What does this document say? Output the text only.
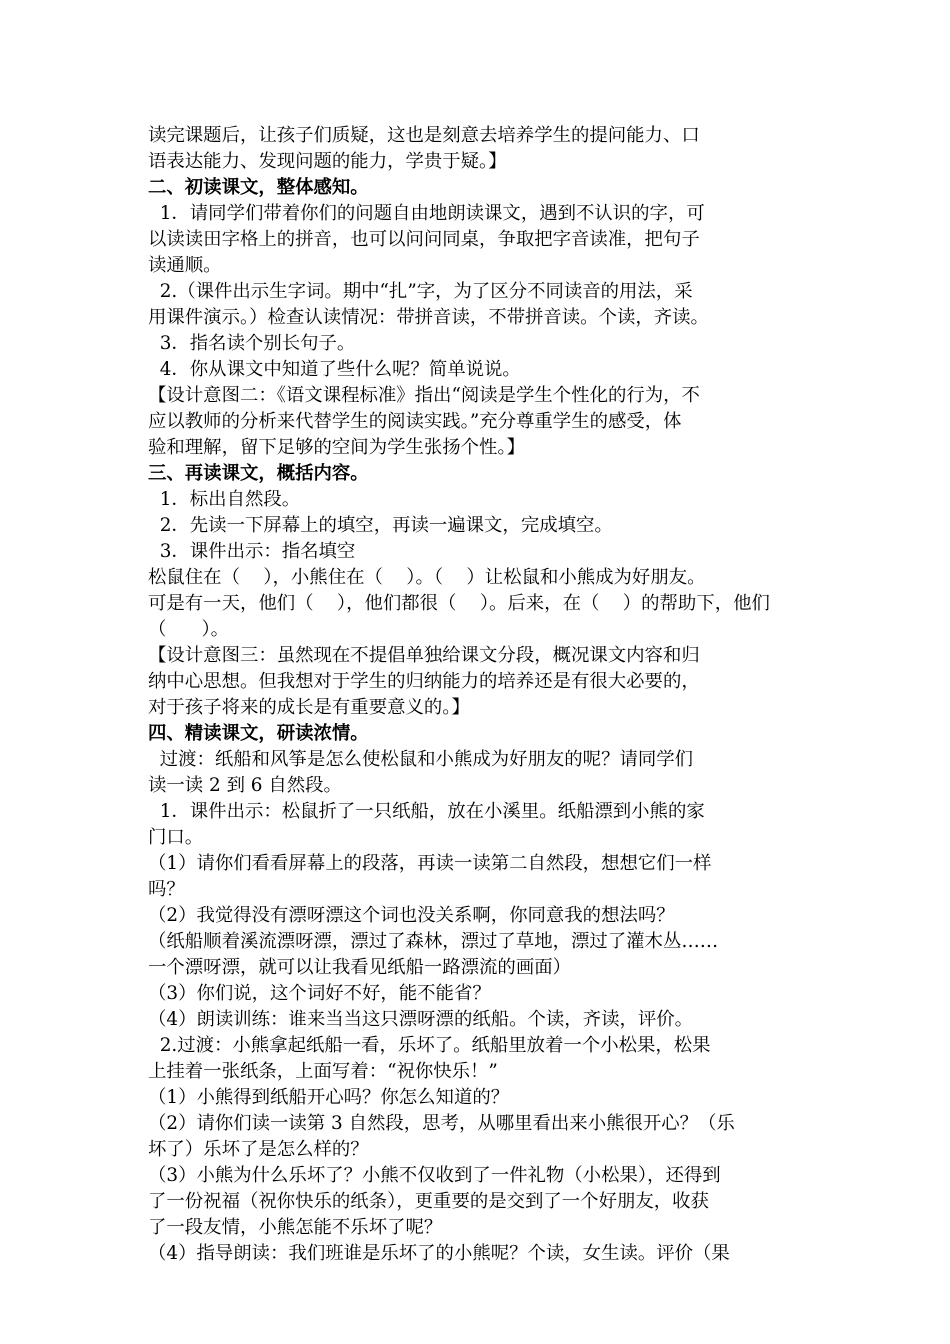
读完课题后，让孩子们质疑，这也是刻意去培养学生的提问能力、口
语表达能力、发现问题的能力，学贵于疑。】
二、初读课文，整体感知。
1．请同学们带着你们的问题自由地朗读课文，遇到不认识的字，可
以读读田字格上的拼音，也可以问问同桌，争取把字音读准，把句子
读通顺。
2.（课件出示生字词。期中“扎”字，为了区分不同读音的用法，采
用课件演示。）检查认读情况：带拼音读，不带拼音读。个读，齐读。
3．指名读个别长句子。
4．你从课文中知道了些什么呢？简单说说。
【设计意图二：《语文课程标准》指出“阅读是学生个性化的行为，不
应以教师的分析来代替学生的阅读实践。”充分尊重学生的感受，体
验和理解，留下足够的空间为学生张扬个性。】
三、再读课文，概括内容。
1．标出自然段。
2．先读一下屏幕上的填空，再读一遍课文，完成填空。
3．课件出示：指名填空
松鼠住在（    ），小熊住在（    ）。（    ）让松鼠和小熊成为好朋友。
可是有一天，他们（    ），他们都很（    ）。后来，在（    ）的帮助下，他们
（      ）。
【设计意图三：虽然现在不提倡单独给课文分段，概况课文内容和归
纳中心思想。但我想对于学生的归纳能力的培养还是有很大必要的，
对于孩子将来的成长是有重要意义的。】
四、精读课文，研读浓情。
过渡：纸船和风筝是怎么使松鼠和小熊成为好朋友的呢？请同学们
读一读 2 到 6 自然段。
1．课件出示：松鼠折了一只纸船，放在小溪里。纸船漂到小熊的家
门口。
（1）请你们看看屏幕上的段落，再读一读第二自然段，想想它们一样
吗？
（2）我觉得没有漂呀漂这个词也没关系啊，你同意我的想法吗？
（纸船顺着溪流漂呀漂，漂过了森林，漂过了草地，漂过了灌木丛……
一个漂呀漂，就可以让我看见纸船一路漂流的画面）
（3）你们说，这个词好不好，能不能省？
（4）朗读训练：谁来当当这只漂呀漂的纸船。个读，齐读，评价。
2.过渡：小熊拿起纸船一看，乐坏了。纸船里放着一个小松果，松果
上挂着一张纸条，上面写着：“祝你快乐！”
（1）小熊得到纸船开心吗？你怎么知道的？
（2）请你们读一读第 3 自然段，思考，从哪里看出来小熊很开心？（乐
坏了）乐坏了是怎么样的？
（3）小熊为什么乐坏了？小熊不仅收到了一件礼物（小松果），还得到
了一份祝福（祝你快乐的纸条），更重要的是交到了一个好朋友，收获
了一段友情，小熊怎能不乐坏了呢？
（4）指导朗读：我们班谁是乐坏了的小熊呢？个读，女生读。评价（果
